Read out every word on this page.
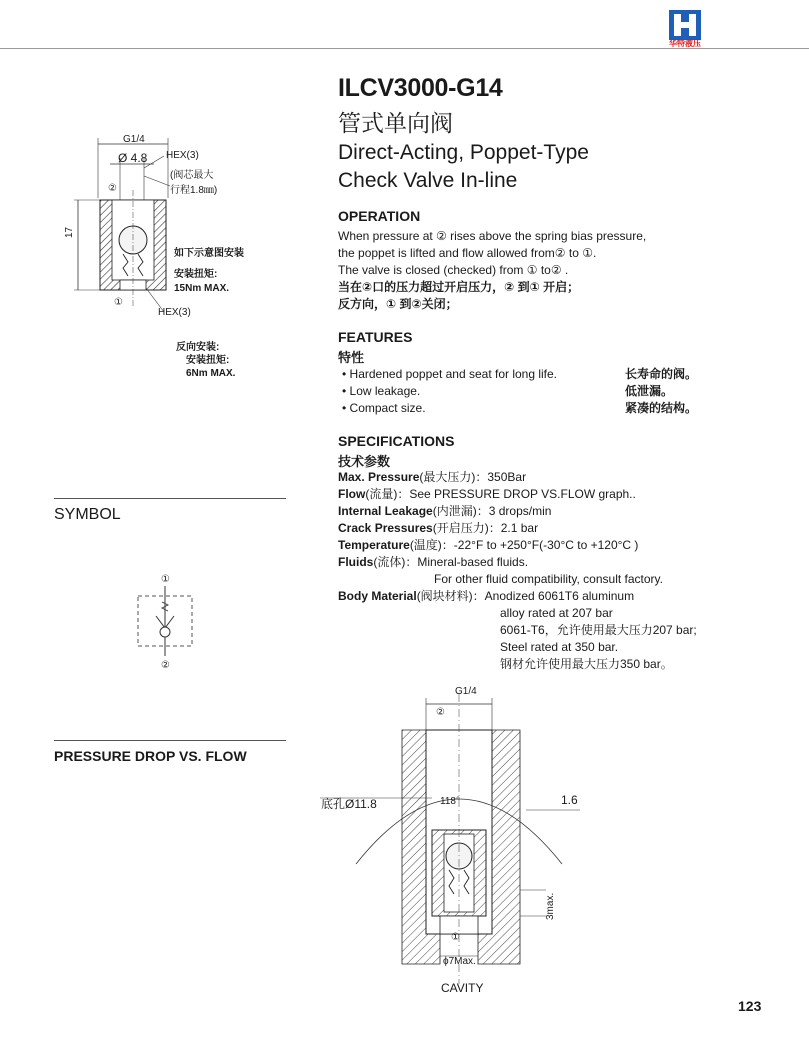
华特液压
ILCV3000-G14
管式单向阀
Direct-Acting, Poppet-Type
Check Valve In-line
OPERATION
When pressure at ② rises above the spring bias pressure,
the poppet is lifted and flow allowed from② to ①.
The valve is closed (checked) from ① to② .
当在②口的压力超过开启压力，② 到① 开启；
反方向，① 到②关闭；
FEATURES
特性
• Hardened poppet and seat for long life.	长寿命的阀。
• Low leakage.	低泄漏。
• Compact size.	紧凑的结构。
SPECIFICATIONS
技术参数
Max. Pressure(最大压力)：350Bar
Flow(流量)：See PRESSURE DROP VS.FLOW graph..
Internal Leakage(内泄漏)：3 drops/min
Crack Pressures(开启压力)：2.1 bar
Temperature(温度)：-22°F to +250°F(-30°C to +120°C )
Fluids(流体)：Mineral-based fluids.
For other fluid compatibility, consult factory.
Body Material(阀块材料)：Anodized 6061T6 aluminum
alloy rated at 207 bar
6061-T6，允许使用最大压力207 bar;
Steel rated at 350 bar.
钢材允许使用最大压力350 bar。
G1/4
Ø 4.8 HEX(3)
(阀芯最大
行程1.8㎜)
17
②
①
如下示意图安装
安装扭矩:
15Nm MAX.
HEX(3)
反向安装:
安装扭矩:
6Nm MAX.
SYMBOL
①
②
PRESSURE DROP VS. FLOW
G1/4
②
底孔Ø11.8	118°	1.6
3max.
①
ϕ7Max.
CAVITY
123
